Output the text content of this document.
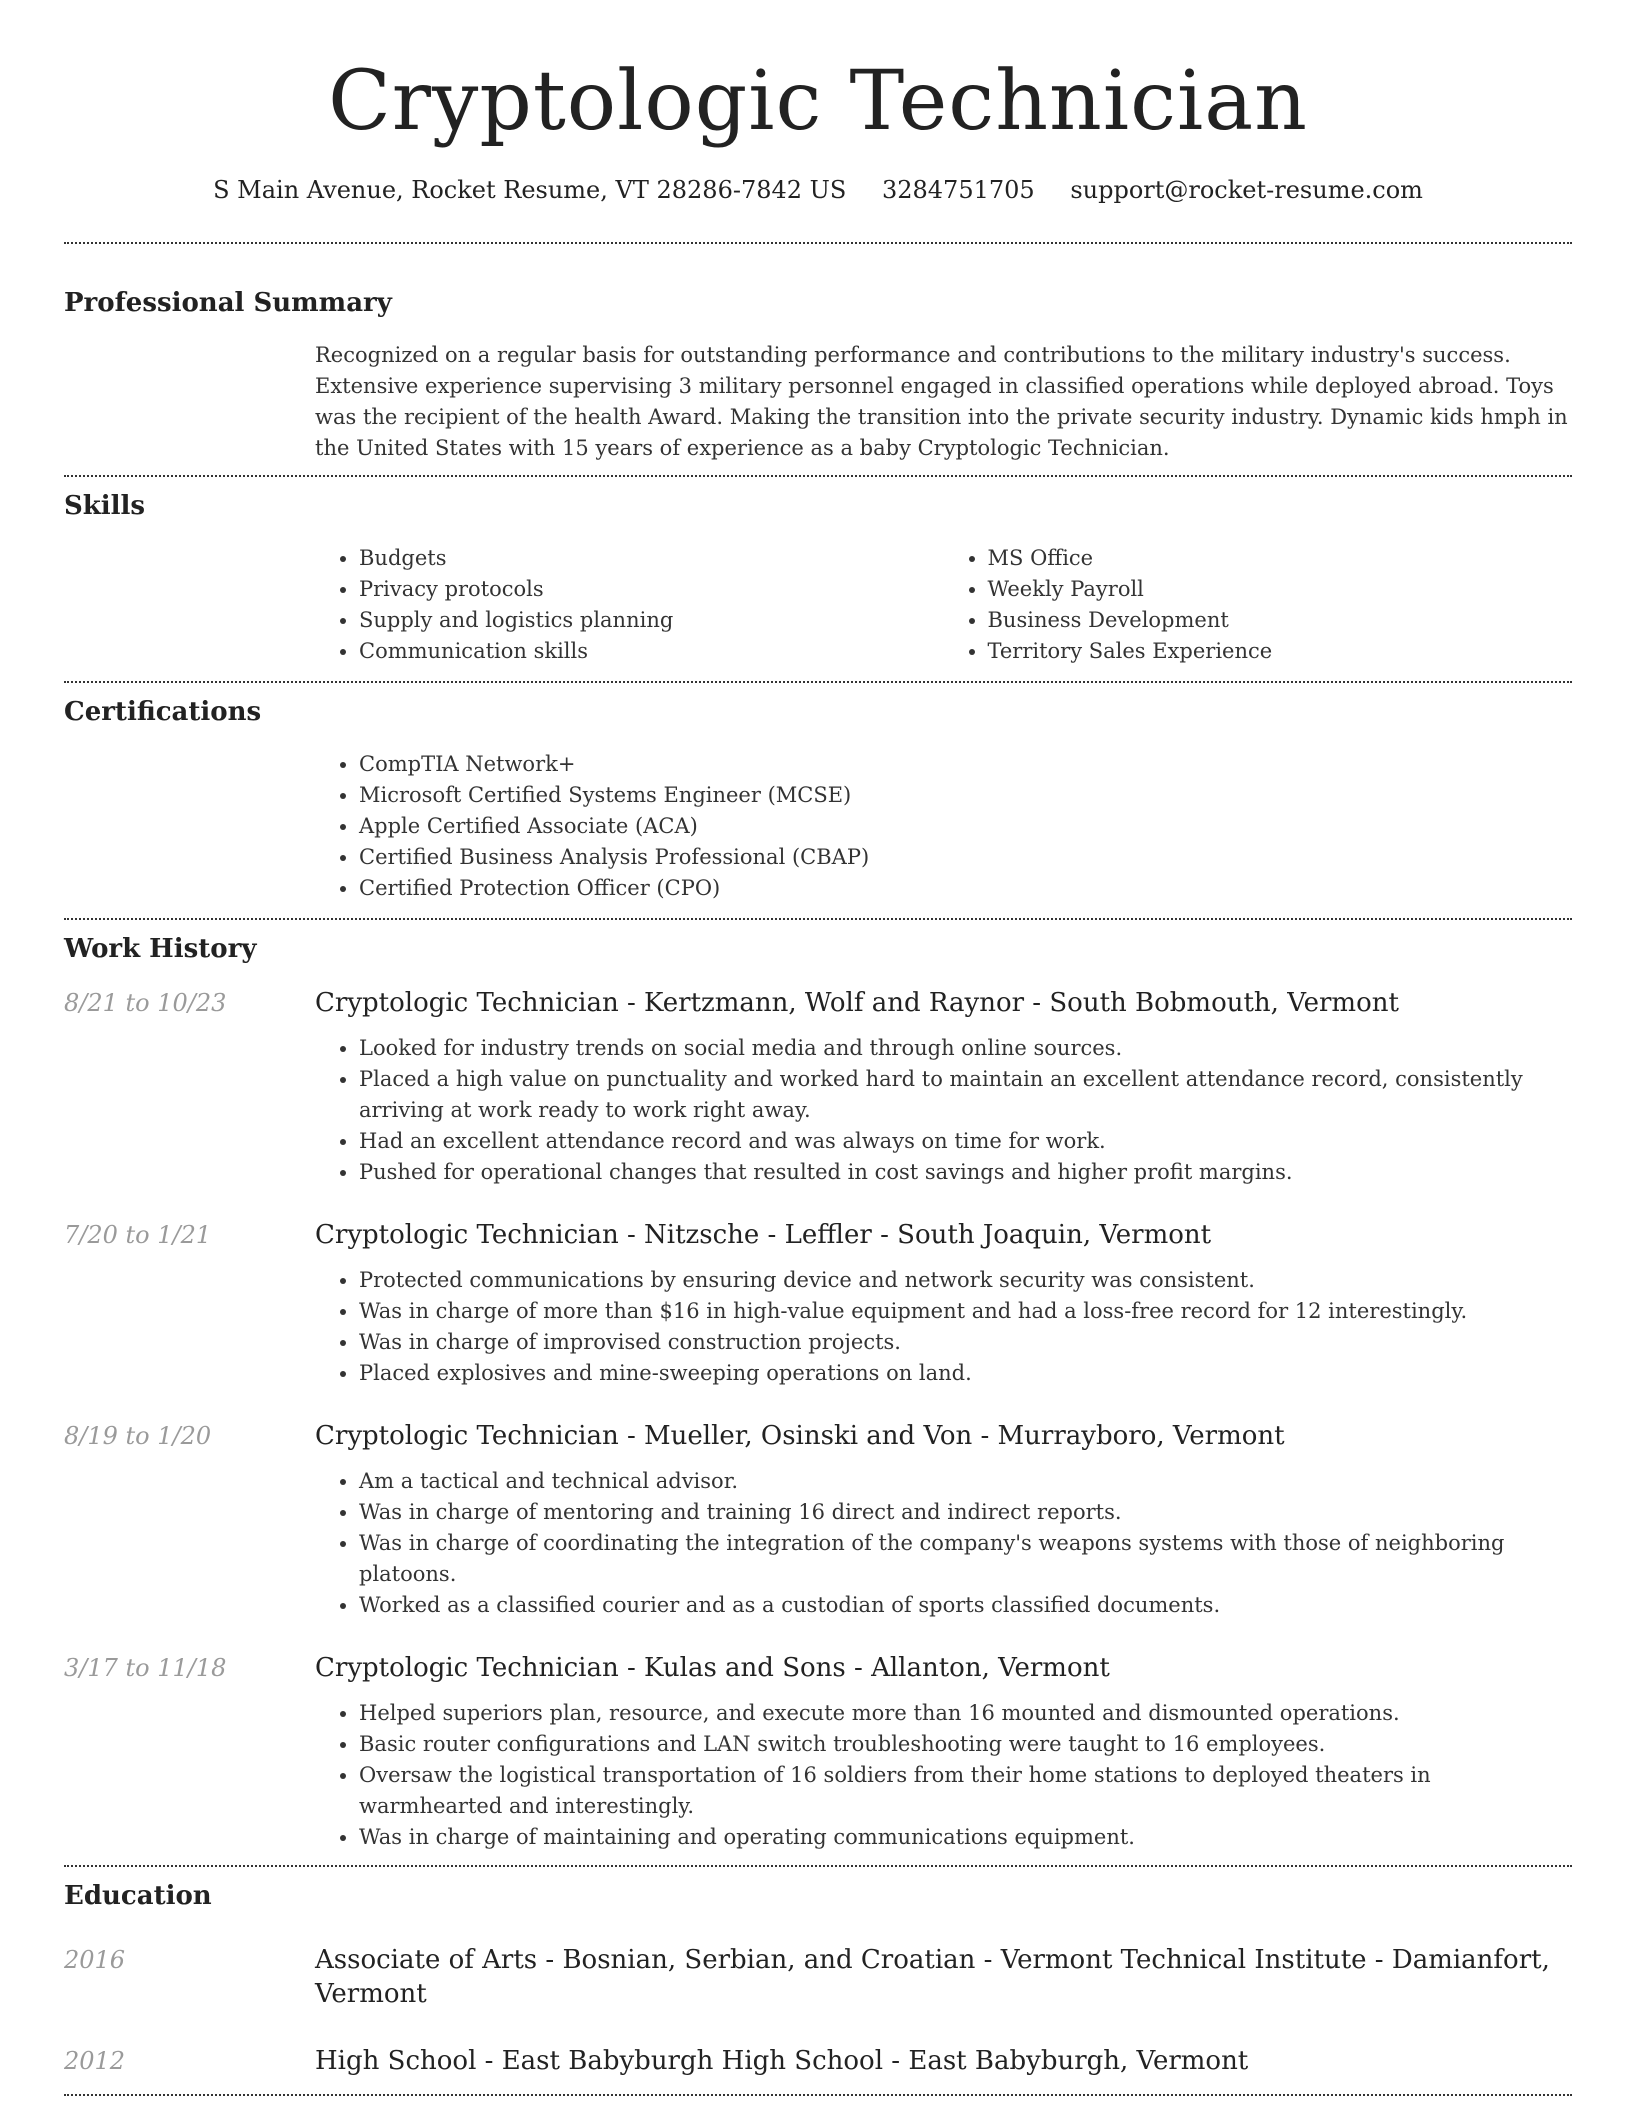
Cryptologic Technician
S Main Avenue, Rocket Resume, VT 28286-7842 US 3284751705 support@rocket-resume.com
Professional Summary

Recognized on a regular basis for outstanding performance and contributions to the military industry's success. Extensive experience supervising 3 military personnel engaged in classified operations while deployed abroad. Toys was the recipient of the health Award. Making the transition into the private security industry. Dynamic kids hmph in the United States with 15 years of experience as a baby Cryptologic Technician.

Skills
• Budgets
• Privacy protocols
• Supply and logistics planning
• Communication skills
• MS Office
• Weekly Payroll
• Business Development
• Territory Sales Experience
Certifications
• CompTIA Network+
• Microsoft Certified Systems Engineer (MCSE)
• Apple Certified Associate (ACA)
• Certified Business Analysis Professional (CBAP)
• Certified Protection Officer (CPO)
Work History
8/21 to 10/23	Cryptologic Technician - Kertzmann, Wolf and Raynor - South Bobmouth, Vermont
• Looked for industry trends on social media and through online sources.
• Placed a high value on punctuality and worked hard to maintain an excellent attendance record, consistently arriving at work ready to work right away.
• Had an excellent attendance record and was always on time for work.
• Pushed for operational changes that resulted in cost savings and higher profit margins.
7/20 to 1/21	Cryptologic Technician - Nitzsche - Leffler - South Joaquin, Vermont
• Protected communications by ensuring device and network security was consistent.
• Was in charge of more than $16 in high-value equipment and had a loss-free record for 12 interestingly.
• Was in charge of improvised construction projects.
• Placed explosives and mine-sweeping operations on land.
8/19 to 1/20	Cryptologic Technician - Mueller, Osinski and Von - Murrayboro, Vermont
• Am a tactical and technical advisor.
• Was in charge of mentoring and training 16 direct and indirect reports.
• Was in charge of coordinating the integration of the company's weapons systems with those of neighboring platoons.
• Worked as a classified courier and as a custodian of sports classified documents.
3/17 to 11/18	Cryptologic Technician - Kulas and Sons - Allanton, Vermont
• Helped superiors plan, resource, and execute more than 16 mounted and dismounted operations.
• Basic router configurations and LAN switch troubleshooting were taught to 16 employees.
• Oversaw the logistical transportation of 16 soldiers from their home stations to deployed theaters in warmhearted and interestingly.
• Was in charge of maintaining and operating communications equipment.
Education
2016	Associate of Arts - Bosnian, Serbian, and Croatian - Vermont Technical Institute - Damianfort, Vermont
2012	High School - East Babyburgh High School - East Babyburgh, Vermont
